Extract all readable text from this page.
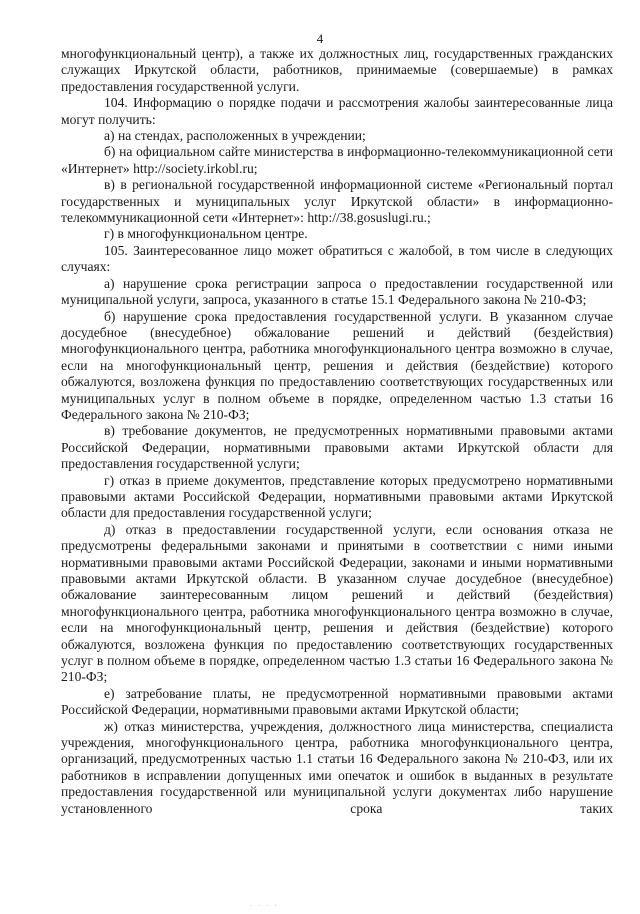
4

многофункциональный центр), а также их должностных лиц, государственных гражданских служащих Иркутской области, работников, принимаемые (совершаемые) в рамках предоставления государственной услуги.

104. Информацию о порядке подачи и рассмотрения жалобы заинтересованные лица могут получить:

а) на стендах, расположенных в учреждении;

б) на официальном сайте министерства в информационно-телекоммуникационной сети «Интернет» http://society.irkobl.ru;

в) в региональной государственной информационной системе «Региональный портал государственных и муниципальных услуг Иркутской области» в информационно-телекоммуникационной сети «Интернет»: http://38.gosuslugi.ru.;

г) в многофункциональном центре.

105. Заинтересованное лицо может обратиться с жалобой, в том числе в следующих случаях:

а) нарушение срока регистрации запроса о предоставлении государственной или муниципальной услуги, запроса, указанного в статье 15.1 Федерального закона № 210-ФЗ;

б) нарушение срока предоставления государственной услуги. В указанном случае досудебное (внесудебное) обжалование решений и действий (бездействия) многофункционального центра, работника многофункционального центра возможно в случае, если на многофункциональный центр, решения и действия (бездействие) которого обжалуются, возложена функция по предоставлению соответствующих государственных или муниципальных услуг в полном объеме в порядке, определенном частью 1.3 статьи 16 Федерального закона № 210-ФЗ;

в) требование документов, не предусмотренных нормативными правовыми актами Российской Федерации, нормативными правовыми актами Иркутской области для предоставления государственной услуги;

г) отказ в приеме документов, представление которых предусмотрено нормативными правовыми актами Российской Федерации, нормативными правовыми актами Иркутской области для предоставления государственной услуги;

д) отказ в предоставлении государственной услуги, если основания отказа не предусмотрены федеральными законами и принятыми в соответствии с ними иными нормативными правовыми актами Российской Федерации, законами и иными нормативными правовыми актами Иркутской области. В указанном случае досудебное (внесудебное) обжалование заинтересованным лицом решений и действий (бездействия) многофункционального центра, работника многофункционального центра возможно в случае, если на многофункциональный центр, решения и действия (бездействие) которого обжалуются, возложена функция по предоставлению соответствующих государственных услуг в полном объеме в порядке, определенном частью 1.3 статьи 16 Федерального закона № 210-ФЗ;

е) затребование платы, не предусмотренной нормативными правовыми актами Российской Федерации, нормативными правовыми актами Иркутской области;

ж) отказ министерства, учреждения, должностного лица министерства, специалиста учреждения, многофункционального центра, работника многофункционального центра, организаций, предусмотренных частью 1.1 статьи 16 Федерального закона № 210-ФЗ, или их работников в исправлении допущенных ими опечаток и ошибок в выданных в результате предоставления государственной или муниципальной услуги документах либо нарушение установленного срока таких

· · · ·
